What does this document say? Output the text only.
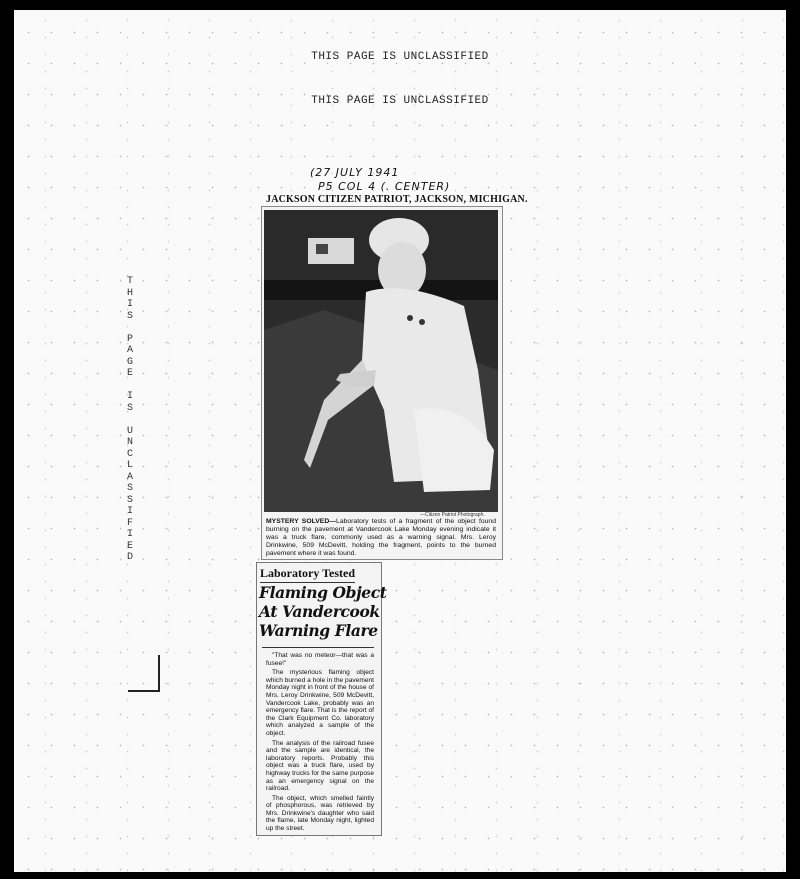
THIS PAGE IS UNCLASSIFIED
THIS PAGE IS UNCLASSIFIED
T
H
I
S
P
A
G
E
I
S
U
N
C
L
A
S
S
I
F
I
E
D
(27 JULY 1941
P5 COL 4 (. CENTER)
JACKSON CITIZEN PATRIOT, JACKSON, MICHIGAN.
—Citizen Patriot Photograph.
MYSTERY SOLVED—Laboratory tests of a fragment of the object found burning on the pavement at Vandercook Lake Monday evening indicate it was a truck flare, commonly used as a warning signal. Mrs. Leroy Drinkwine, 509 McDevitt, holding the fragment, points to the burned pavement where it was found.
Laboratory Tested
Flaming Object
At Vandercook
Warning Flare

"That was no meteor—that was a fusee!"

The mysterious flaming object which burned a hole in the pavement Monday night in front of the house of Mrs. Leroy Drinkwine, 509 McDevitt, Vandercook Lake, probably was an emergency flare. That is the report of the Clark Equipment Co. laboratory which analyzed a sample of the object.

The analysis of the railroad fusee and the sample are identical, the laboratory reports. Probably this object was a truck flare, used by highway trucks for the same purpose as an emergency signal on the railroad.

The object, which smelled faintly of phosphorous, was retrieved by Mrs. Drinkwine's daughter who said the flame, late Monday night, lighted up the street.
